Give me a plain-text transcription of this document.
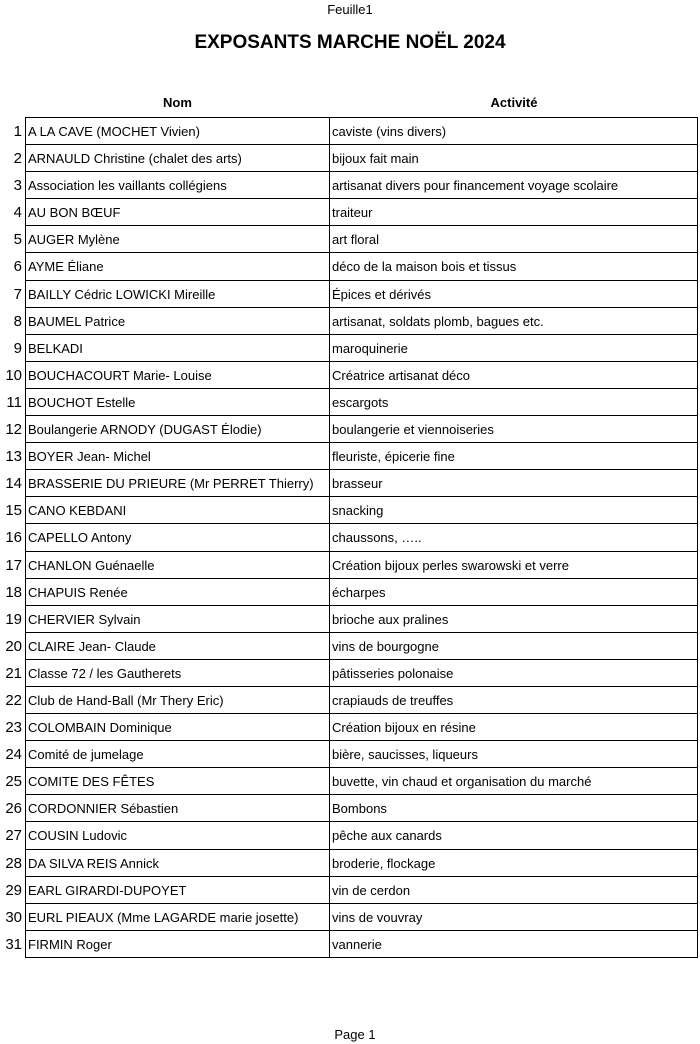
Feuille1
EXPOSANTS MARCHE NOËL 2024
Nom	Activité
1 A LA CAVE (MOCHET Vivien)	caviste (vins divers)
2 ARNAULD Christine (chalet des arts)	bijoux fait main
3 Association les vaillants collégiens	artisanat divers pour financement voyage scolaire
4 AU BON BŒUF	traiteur
5 AUGER Mylène	art floral
6 AYME Éliane	déco de la maison bois et tissus
7 BAILLY Cédric LOWICKI Mireille	Épices et dérivés
8 BAUMEL Patrice	artisanat, soldats plomb, bagues etc.
9 BELKADI	maroquinerie
10 BOUCHACOURT Marie- Louise	Créatrice artisanat déco
11 BOUCHOT Estelle	escargots
12 Boulangerie ARNODY (DUGAST Élodie)	boulangerie et viennoiseries
13 BOYER Jean- Michel	fleuriste, épicerie fine
14 BRASSERIE DU PRIEURE (Mr PERRET Thierry)	brasseur
15 CANO KEBDANI	snacking
16 CAPELLO Antony	chaussons, …..
17 CHANLON Guénaelle	Création bijoux perles swarowski et verre
18 CHAPUIS Renée	écharpes
19 CHERVIER Sylvain	brioche aux pralines
20 CLAIRE Jean- Claude	vins de bourgogne
21 Classe 72 / les Gautherets	pâtisseries polonaise
22 Club de Hand-Ball (Mr Thery Eric)	crapiauds de treuffes
23 COLOMBAIN Dominique	Création bijoux en résine
24 Comité de jumelage	bière, saucisses, liqueurs
25 COMITE DES FÊTES	buvette, vin chaud et organisation du marché
26 CORDONNIER Sébastien	Bombons
27 COUSIN Ludovic	pêche aux canards
28 DA SILVA REIS Annick	broderie, flockage
29 EARL GIRARDI-DUPOYET	vin de cerdon
30 EURL PIEAUX (Mme LAGARDE marie josette)	vins de vouvray
31 FIRMIN Roger	vannerie
Page 1
